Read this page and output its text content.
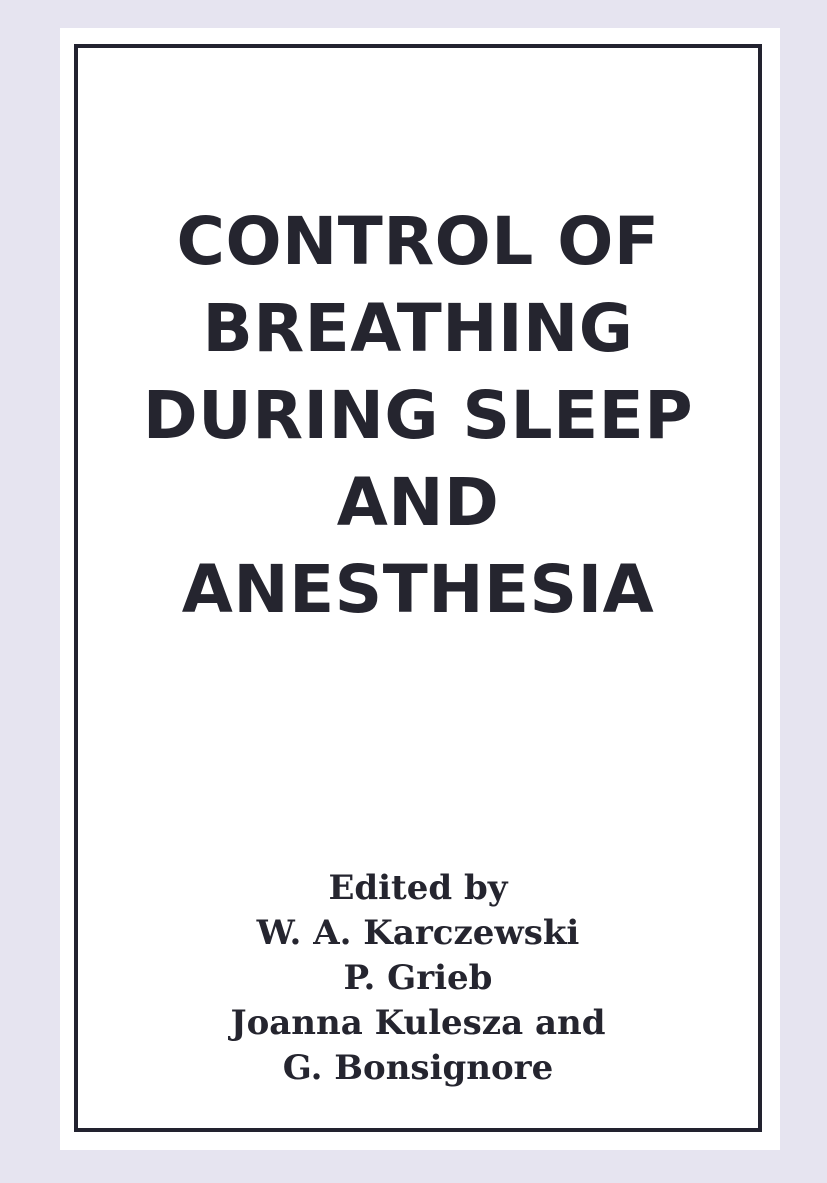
CONTROL OF
BREATHING
DURING SLEEP
AND
ANESTHESIA
Edited by
W. A. Karczewski
P. Grieb
Joanna Kulesza and
G. Bonsignore
